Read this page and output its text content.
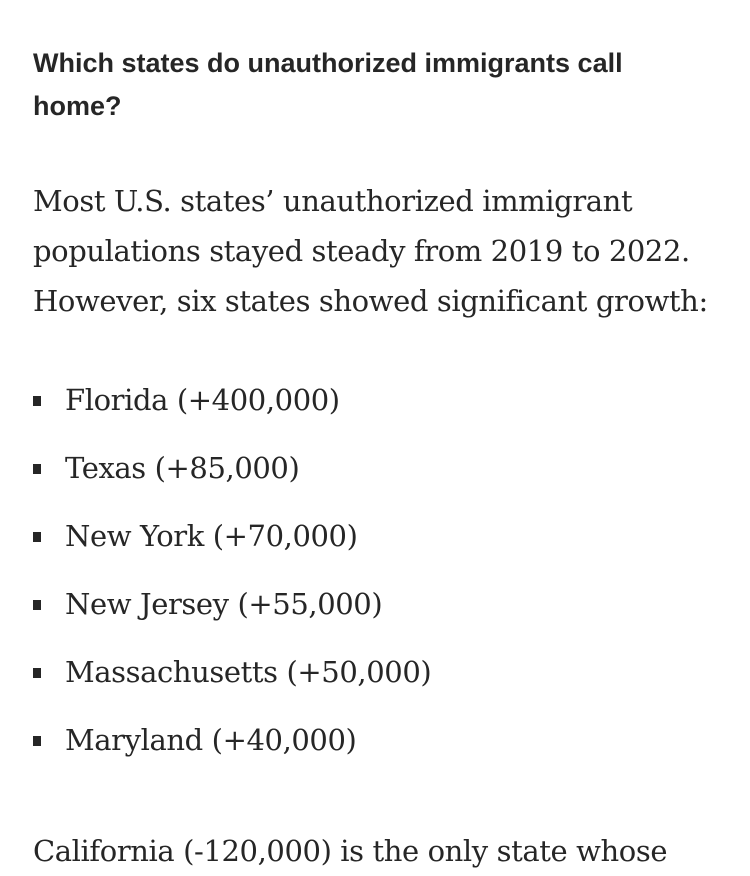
Which states do unauthorized immigrants call home?

Most U.S. states’ unauthorized immigrant populations stayed steady from 2019 to 2022. However, six states showed significant growth:

Florida (+400,000)
Texas (+85,000)
New York (+70,000)
New Jersey (+55,000)
Massachusetts (+50,000)
Maryland (+40,000)

California (-120,000) is the only state whose
